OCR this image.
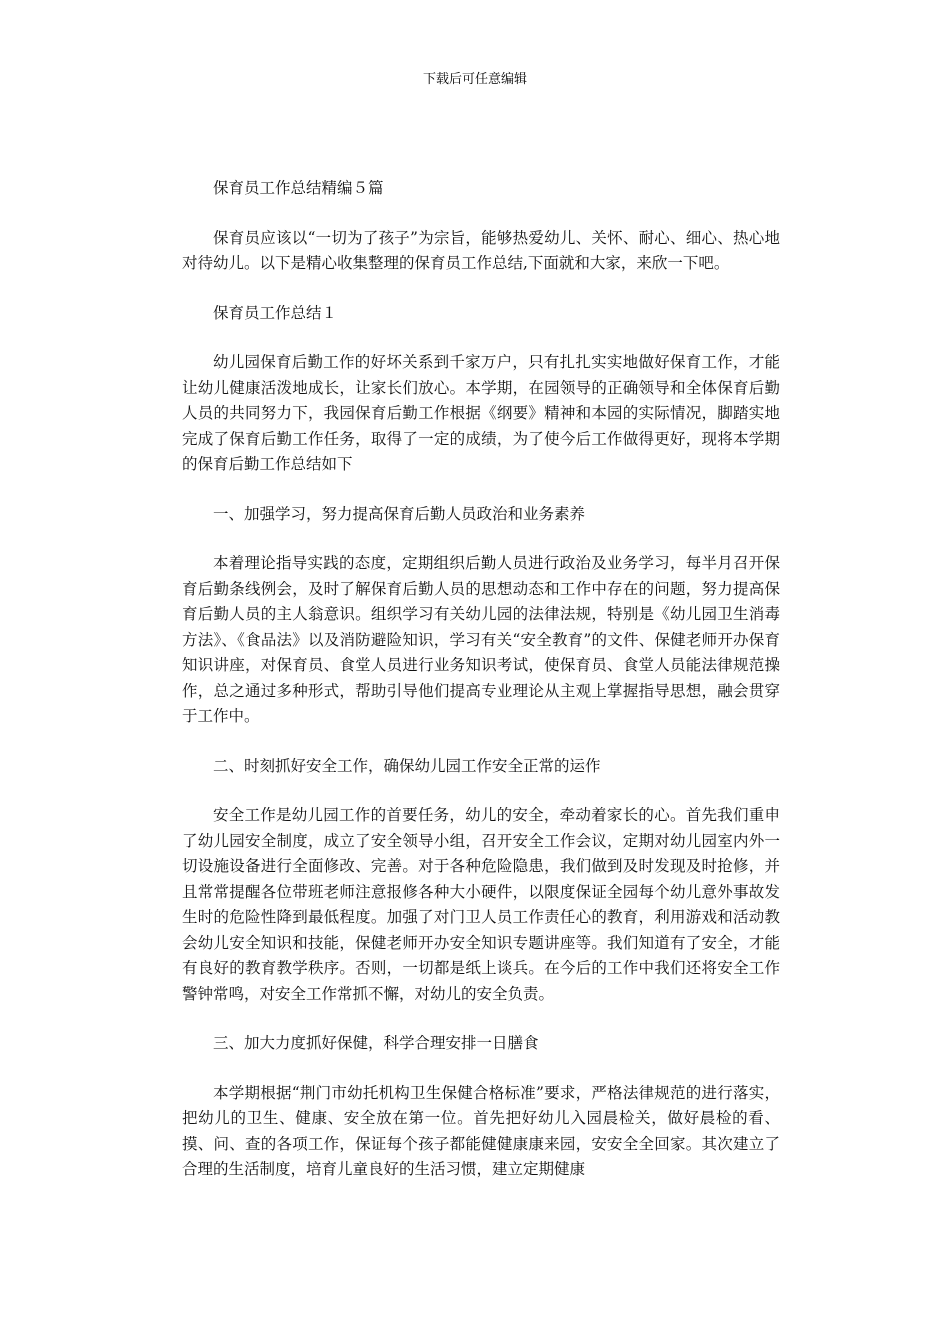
下载后可任意编辑

保育员工作总结精编５篇

保育员应该以“一切为了孩子”为宗旨，能够热爱幼儿、关怀、耐心、细心、热心地对待幼儿。以下是精心收集整理的保育员工作总结,下面就和大家，来欣一下吧。

保育员工作总结１

幼儿园保育后勤工作的好坏关系到千家万户，只有扎扎实实地做好保育工作，才能让幼儿健康活泼地成长，让家长们放心。本学期，在园领导的正确领导和全体保育后勤人员的共同努力下，我园保育后勤工作根据《纲要》精神和本园的实际情况，脚踏实地完成了保育后勤工作任务，取得了一定的成绩，为了使今后工作做得更好，现将本学期的保育后勤工作总结如下

一、加强学习，努力提高保育后勤人员政治和业务素养

本着理论指导实践的态度，定期组织后勤人员进行政治及业务学习，每半月召开保育后勤条线例会，及时了解保育后勤人员的思想动态和工作中存在的问题，努力提高保育后勤人员的主人翁意识。组织学习有关幼儿园的法律法规，特别是《幼儿园卫生消毒方法》、《食品法》以及消防避险知识，学习有关“安全教育”的文件、保健老师开办保育知识讲座，对保育员、食堂人员进行业务知识考试，使保育员、食堂人员能法律规范操作，总之通过多种形式，帮助引导他们提高专业理论从主观上掌握指导思想，融会贯穿于工作中。

二、时刻抓好安全工作，确保幼儿园工作安全正常的运作

安全工作是幼儿园工作的首要任务，幼儿的安全，牵动着家长的心。首先我们重申了幼儿园安全制度，成立了安全领导小组，召开安全工作会议，定期对幼儿园室内外一切设施设备进行全面修改、完善。对于各种危险隐患，我们做到及时发现及时抢修，并且常常提醒各位带班老师注意报修各种大小硬件，以限度保证全园每个幼儿意外事故发生时的危险性降到最低程度。加强了对门卫人员工作责任心的教育，利用游戏和活动教会幼儿安全知识和技能，保健老师开办安全知识专题讲座等。我们知道有了安全，才能有良好的教育教学秩序。否则，一切都是纸上谈兵。在今后的工作中我们还将安全工作警钟常鸣，对安全工作常抓不懈，对幼儿的安全负责。

三、加大力度抓好保健，科学合理安排一日膳食

本学期根据“荆门市幼托机构卫生保健合格标准”要求，严格法律规范的进行落实，把幼儿的卫生、健康、安全放在第一位。首先把好幼儿入园晨检关，做好晨检的看、摸、问、查的各项工作，保证每个孩子都能健健康康来园，安安全全回家。其次建立了合理的生活制度，培育儿童良好的生活习惯，建立定期健康
